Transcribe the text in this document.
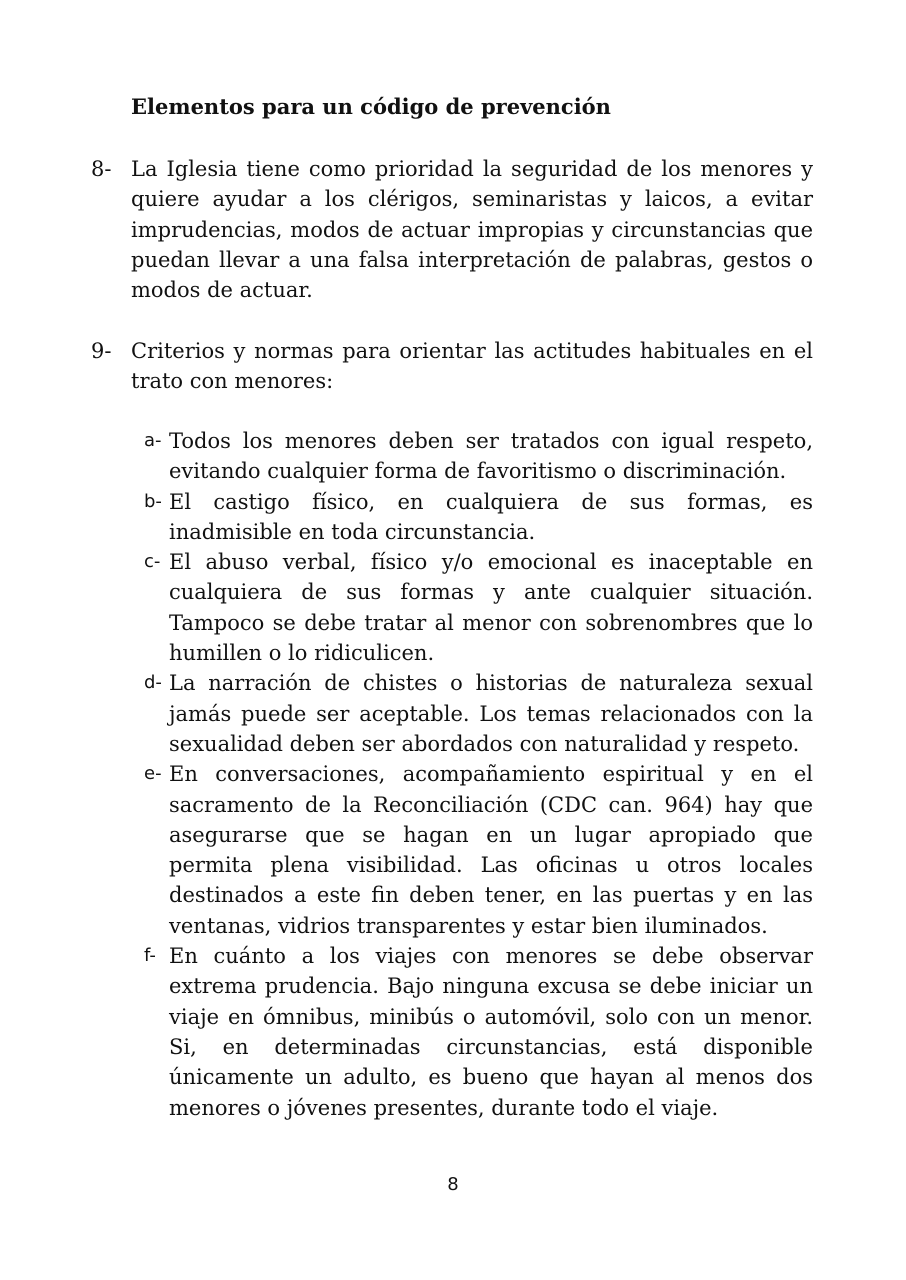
Elementos para un código de prevención
8- La Iglesia tiene como prioridad la seguridad de los menores y quiere ayudar a los clérigos, seminaristas y laicos, a evitar imprudencias, modos de actuar impropias y circunstancias que puedan llevar a una falsa interpretación de palabras, gestos o modos de actuar.
9- Criterios y normas para orientar las actitudes habituales en el trato con menores:

a- Todos los menores deben ser tratados con igual respeto, evitando cualquier forma de favoritismo o discriminación.

b- El castigo físico, en cualquiera de sus formas, es inadmisible en toda circunstancia.

c- El abuso verbal, físico y/o emocional es inaceptable en cualquiera de sus formas y ante cualquier situación. Tampoco se debe tratar al menor con sobrenombres que lo humillen o lo ridiculicen.

d- La narración de chistes o historias de naturaleza sexual jamás puede ser aceptable. Los temas relacionados con la sexualidad deben ser abordados con naturalidad y respeto.

e- En conversaciones, acompañamiento espiritual y en el sacramento de la Reconciliación (CDC can. 964) hay que asegurarse que se hagan en un lugar apropiado que permita plena visibilidad. Las oficinas u otros locales destinados a este fin deben tener, en las puertas y en las ventanas, vidrios transparentes y estar bien iluminados.

f- En cuánto a los viajes con menores se debe observar extrema prudencia. Bajo ninguna excusa se debe iniciar un viaje en ómnibus, minibús o automóvil, solo con un menor. Si, en determinadas circunstancias, está disponible únicamente un adulto, es bueno que hayan al menos dos menores o jóvenes presentes, durante todo el viaje.

8
